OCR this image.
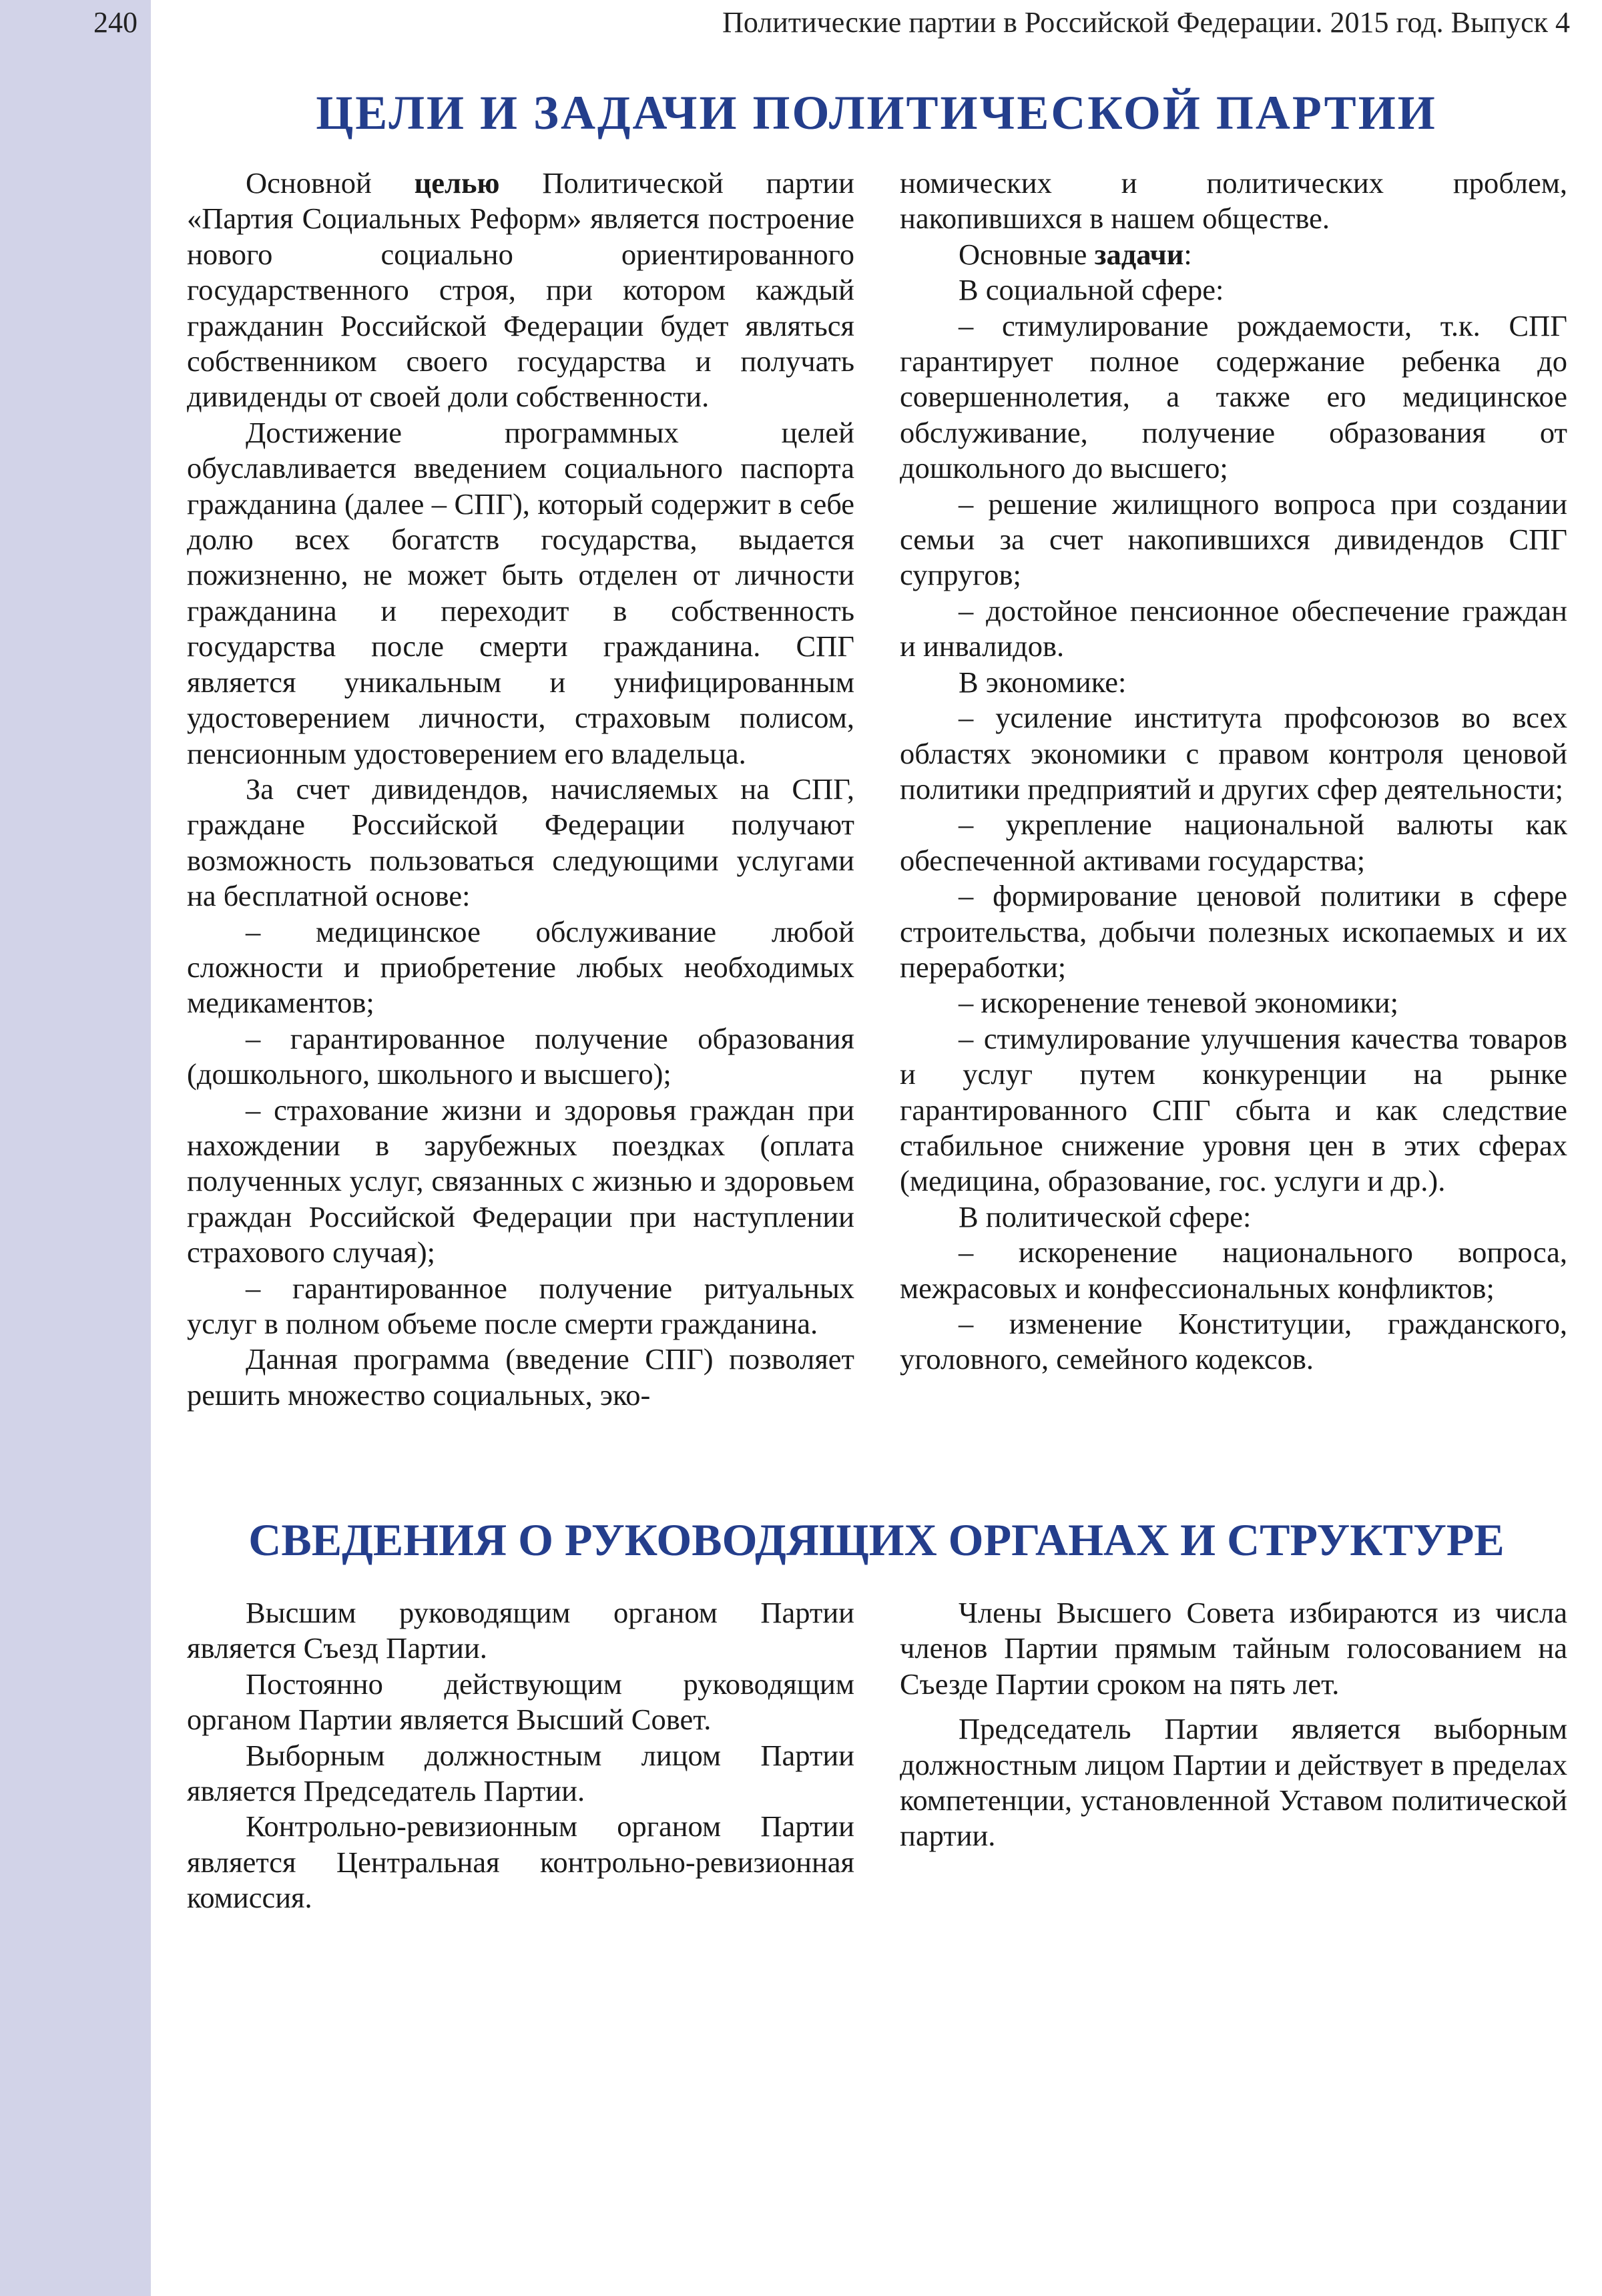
240	Политические партии в Российской Федерации. 2015 год. Выпуск 4
ЦЕЛИ И ЗАДАЧИ ПОЛИТИЧЕСКОЙ ПАРТИИ

Основной целью Политической партии «Партия Социальных Реформ» является построение нового социально ориентированного государственного строя, при котором каждый гражданин Российской Федерации будет являться собственником своего государства и получать дивиденды от своей доли собственности.

Достижение программных целей обуславливается введением социального паспорта гражданина (далее – СПГ), который содержит в себе долю всех богатств государства, выдается пожизненно, не может быть отделен от личности гражданина и переходит в собственность государства после смерти гражданина. СПГ является уникальным и унифицированным удостоверением личности, страховым полисом, пенсионным удостоверением его владельца.

За счет дивидендов, начисляемых на СПГ, граждане Российской Федерации получают возможность пользоваться следующими услугами на бесплатной основе:

– медицинское обслуживание любой сложности и приобретение любых необходимых медикаментов;

– гарантированное получение образования (дошкольного, школьного и высшего);

– страхование жизни и здоровья граждан при нахождении в зарубежных поездках (оплата полученных услуг, связанных с жизнью и здоровьем граждан Российской Федерации при наступлении страхового случая);

– гарантированное получение ритуальных услуг в полном объеме после смерти гражданина.

Данная программа (введение СПГ) позволяет решить множество социальных, эко-

номических и политических проблем, накопившихся в нашем обществе.

Основные задачи:

В социальной сфере:

– стимулирование рождаемости, т.к. СПГ гарантирует полное содержание ребенка до совершеннолетия, а также его медицинское обслуживание, получение образования от дошкольного до высшего;

– решение жилищного вопроса при создании семьи за счет накопившихся дивидендов СПГ супругов;

– достойное пенсионное обеспечение граждан и инвалидов.

В экономике:

– усиление института профсоюзов во всех областях экономики с правом контроля ценовой политики предприятий и других сфер деятельности;

– укрепление национальной валюты как обеспеченной активами государства;

– формирование ценовой политики в сфере строительства, добычи полезных ископаемых и их переработки;

– искоренение теневой экономики;

– стимулирование улучшения качества товаров и услуг путем конкуренции на рынке гарантированного СПГ сбыта и как следствие стабильное снижение уровня цен в этих сферах (медицина, образование, гос. услуги и др.).

В политической сфере:

– искоренение национального вопроса, межрасовых и конфессиональных конфликтов;

– изменение Конституции, гражданского, уголовного, семейного кодексов.

СВЕДЕНИЯ О РУКОВОДЯЩИХ ОРГАНАХ И СТРУКТУРЕ

Высшим руководящим органом Партии является Съезд Партии.

Постоянно действующим руководящим органом Партии является Высший Совет.

Выборным должностным лицом Партии является Председатель Партии.

Контрольно-ревизионным органом Партии является Центральная контрольно-ревизионная комиссия.

Члены Высшего Совета избираются из числа членов Партии прямым тайным голосованием на Съезде Партии сроком на пять лет.

Председатель Партии является выборным должностным лицом Партии и действует в пределах компетенции, установленной Уставом политической партии.
